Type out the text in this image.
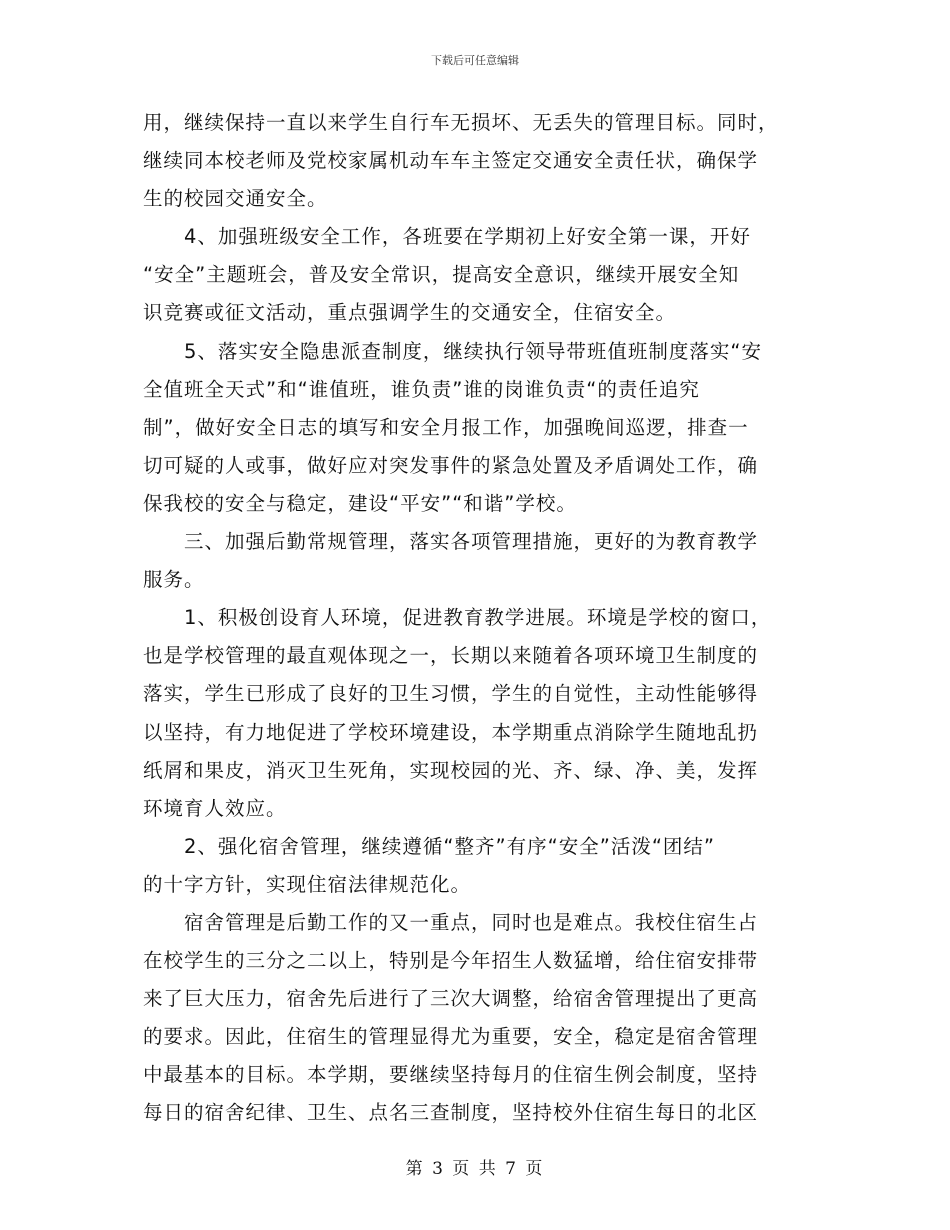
下载后可任意编辑
用，继续保持一直以来学生自行车无损坏、无丢失的管理目标。同时，
继续同本校老师及党校家属机动车车主签定交通安全责任状，确保学
生的校园交通安全。
　　4、加强班级安全工作，各班要在学期初上好安全第一课，开好
“安全”主题班会，普及安全常识，提高安全意识，继续开展安全知
识竞赛或征文活动，重点强调学生的交通安全，住宿安全。
　　5、落实安全隐患派查制度，继续执行领导带班值班制度落实“安
全值班全天式”和“谁值班，谁负责”谁的岗谁负责“的责任追究
制”，做好安全日志的填写和安全月报工作，加强晚间巡逻，排查一
切可疑的人或事，做好应对突发事件的紧急处置及矛盾调处工作，确
保我校的安全与稳定，建设“平安”“和谐”学校。
　　三、加强后勤常规管理，落实各项管理措施，更好的为教育教学
服务。
　　1、积极创设育人环境，促进教育教学进展。环境是学校的窗口，
也是学校管理的最直观体现之一，长期以来随着各项环境卫生制度的
落实，学生已形成了良好的卫生习惯，学生的自觉性，主动性能够得
以坚持，有力地促进了学校环境建设，本学期重点消除学生随地乱扔
纸屑和果皮，消灭卫生死角，实现校园的光、齐、绿、净、美，发挥
环境育人效应。
　　2、强化宿舍管理，继续遵循“整齐”有序“安全”活泼“团结”
的十字方针，实现住宿法律规范化。
　　宿舍管理是后勤工作的又一重点，同时也是难点。我校住宿生占
在校学生的三分之二以上，特别是今年招生人数猛增，给住宿安排带
来了巨大压力，宿舍先后进行了三次大调整，给宿舍管理提出了更高
的要求。因此，住宿生的管理显得尤为重要，安全，稳定是宿舍管理
中最基本的目标。本学期，要继续坚持每月的住宿生例会制度，坚持
每日的宿舍纪律、卫生、点名三查制度，坚持校外住宿生每日的北区
第 3 页 共 7 页
